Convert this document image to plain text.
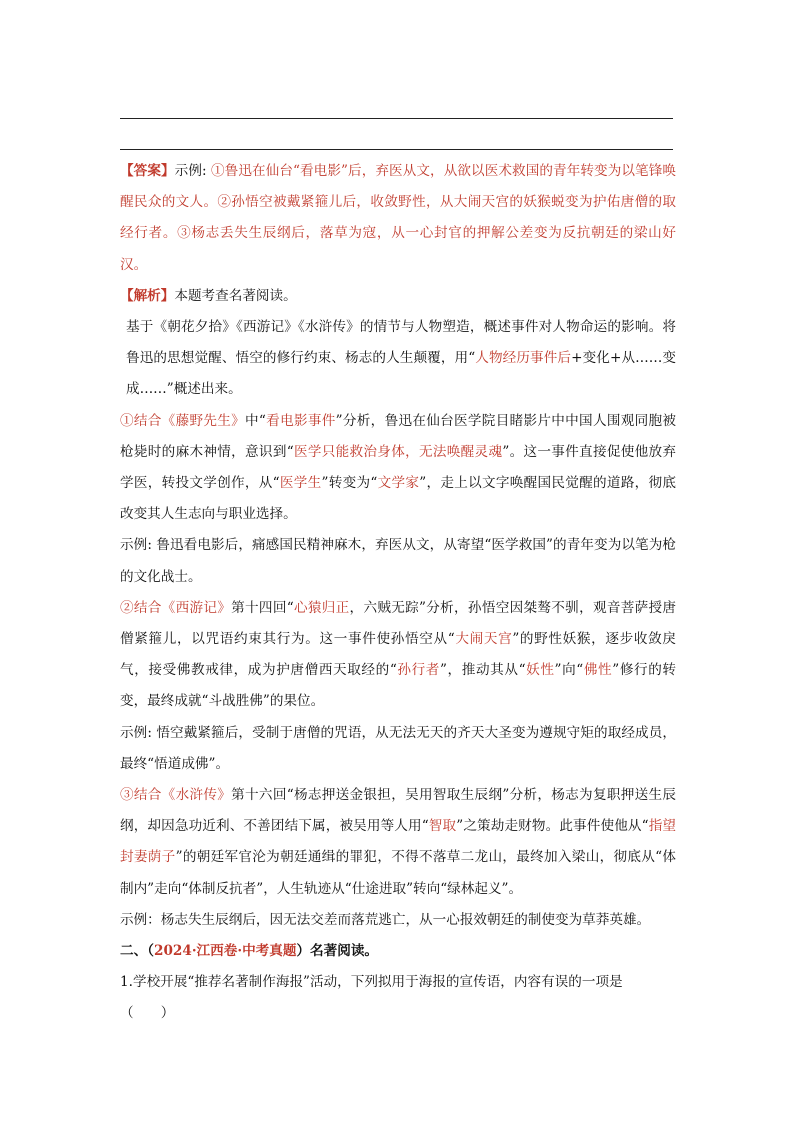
【答案】示例: ①鲁迅在仙台“看电影”后，弃医从文，从欲以医术救国的青年转变为以笔锋唤醒民众的文人。②孙悟空被戴紧箍儿后，收敛野性，从大闹天宫的妖猴蜕变为护佑唐僧的取经行者。③杨志丢失生辰纲后，落草为寇，从一心封官的押解公差变为反抗朝廷的梁山好汉。

【解析】本题考查名著阅读。

基于《朝花夕拾》《西游记》《水浒传》的情节与人物塑造，概述事件对人物命运的影响。将鲁迅的思想觉醒、悟空的修行约束、杨志的人生颠覆，用“人物经历事件后+变化+从……变成……”概述出来。

①结合《藤野先生》中“看电影事件”分析，鲁迅在仙台医学院目睹影片中中国人围观同胞被枪毙时的麻木神情，意识到“医学只能救治身体，无法唤醒灵魂”。这一事件直接促使他放弃学医，转投文学创作，从“医学生”转变为“文学家”，走上以文字唤醒国民觉醒的道路，彻底改变其人生志向与职业选择。

示例: 鲁迅看电影后，痛感国民精神麻木，弃医从文，从寄望“医学救国”的青年变为以笔为枪的文化战士。

②结合《西游记》第十四回“心猿归正，六贼无踪”分析，孙悟空因桀骜不驯，观音菩萨授唐僧紧箍儿，以咒语约束其行为。这一事件使孙悟空从“大闹天宫”的野性妖猴，逐步收敛戾气，接受佛教戒律，成为护唐僧西天取经的“孙行者”，推动其从“妖性”向“佛性”修行的转变，最终成就“斗战胜佛”的果位。

示例: 悟空戴紧箍后，受制于唐僧的咒语，从无法无天的齐天大圣变为遵规守矩的取经成员，最终“悟道成佛”。

③结合《水浒传》第十六回“杨志押送金银担，吴用智取生辰纲”分析，杨志为复职押送生辰纲，却因急功近利、不善团结下属，被吴用等人用“智取”之策劫走财物。此事件使他从“指望封妻荫子”的朝廷军官沦为朝廷通缉的罪犯，不得不落草二龙山，最终加入梁山，彻底从“体制内”走向“体制反抗者”，人生轨迹从“仕途进取”转向“绿林起义”。

示例：杨志失生辰纲后，因无法交差而落荒逃亡，从一心报效朝廷的制使变为草莽英雄。

二、（2024·江西卷·中考真题）名著阅读。

1.学校开展“推荐名著制作海报”活动，下列拟用于海报的宣传语，内容有误的一项是

（　　）
